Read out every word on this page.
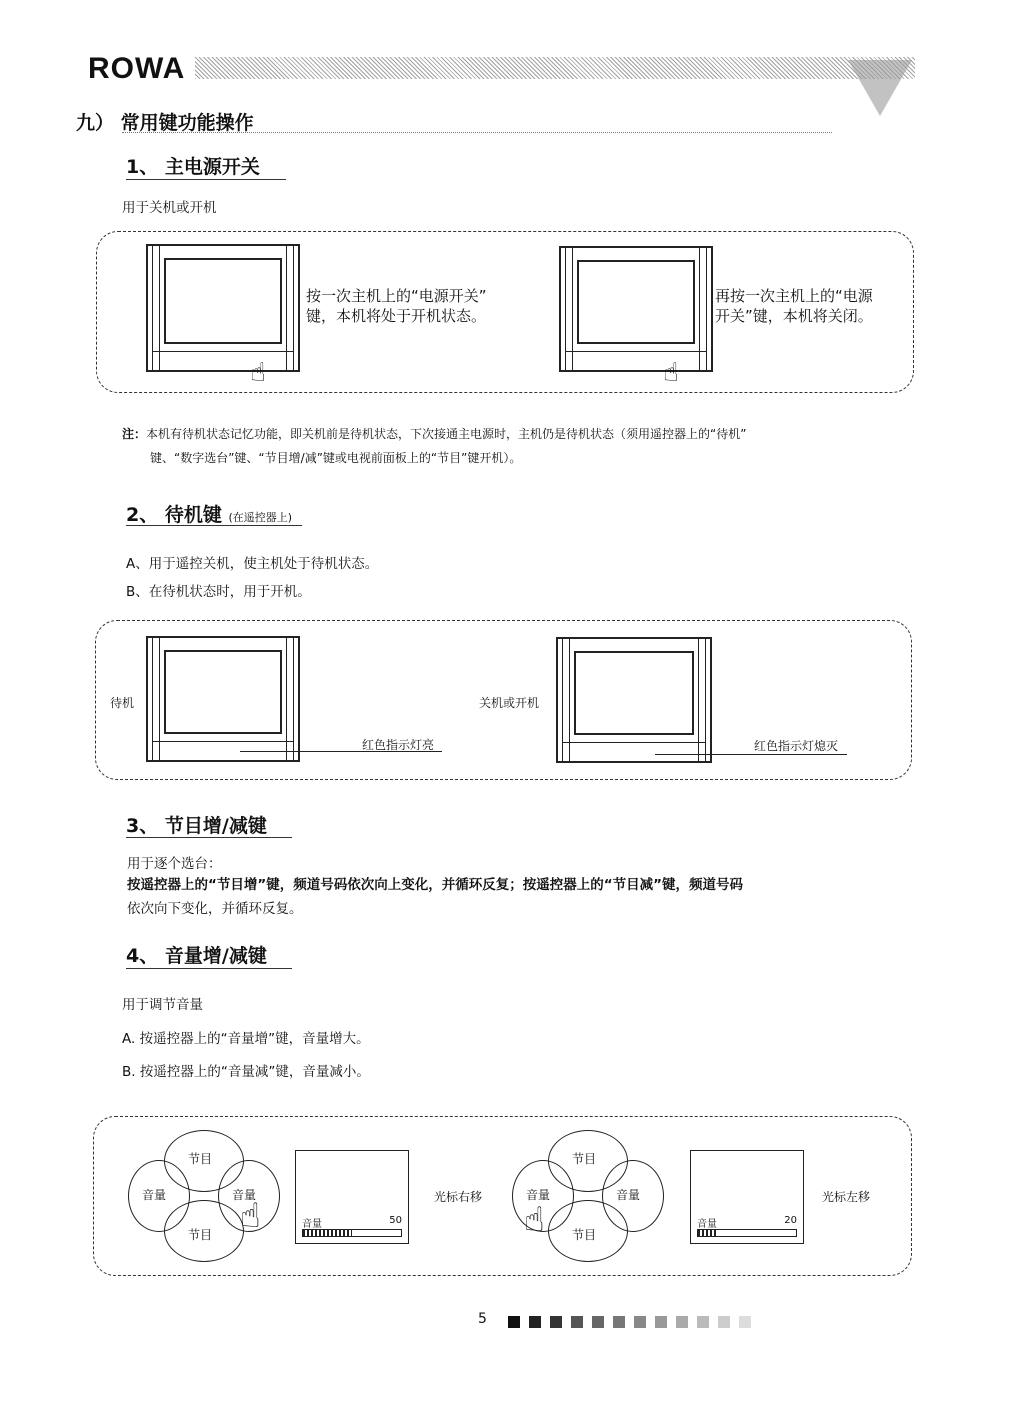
ROWA
九） 常用键功能操作
1、 主电源开关
用于关机或开机
☝
按一次主机上的“电源开关”
键，本机将处于开机状态。
☝
再按一次主机上的“电源
开关”键，本机将关闭。
注：本机有待机状态记忆功能，即关机前是待机状态，下次接通主电源时，主机仍是待机状态（须用遥控器上的“待机”
键、“数字选台”键、“节目增/减”键或电视前面板上的“节目”键开机）。
2、 待机键 (在遥控器上)
A、用于遥控关机，使主机处于待机状态。
B、在待机状态时，用于开机。
待机
红色指示灯亮
关机或开机
红色指示灯熄灭
3、 节目增/减键
用于逐个选台：
按遥控器上的“节目增”键，频道号码依次向上变化，并循环反复；按遥控器上的“节目减”键，频道号码
依次向下变化，并循环反复。
4、 音量增/减键
用于调节音量
A. 按遥控器上的“音量增”键，音量增大。
B. 按遥控器上的“音量减”键，音量减小。
节目
节目
音量	音量
☝	音量	50
光标右移
节目
节目
音量	音量
☝	音量	20
光标左移
5
